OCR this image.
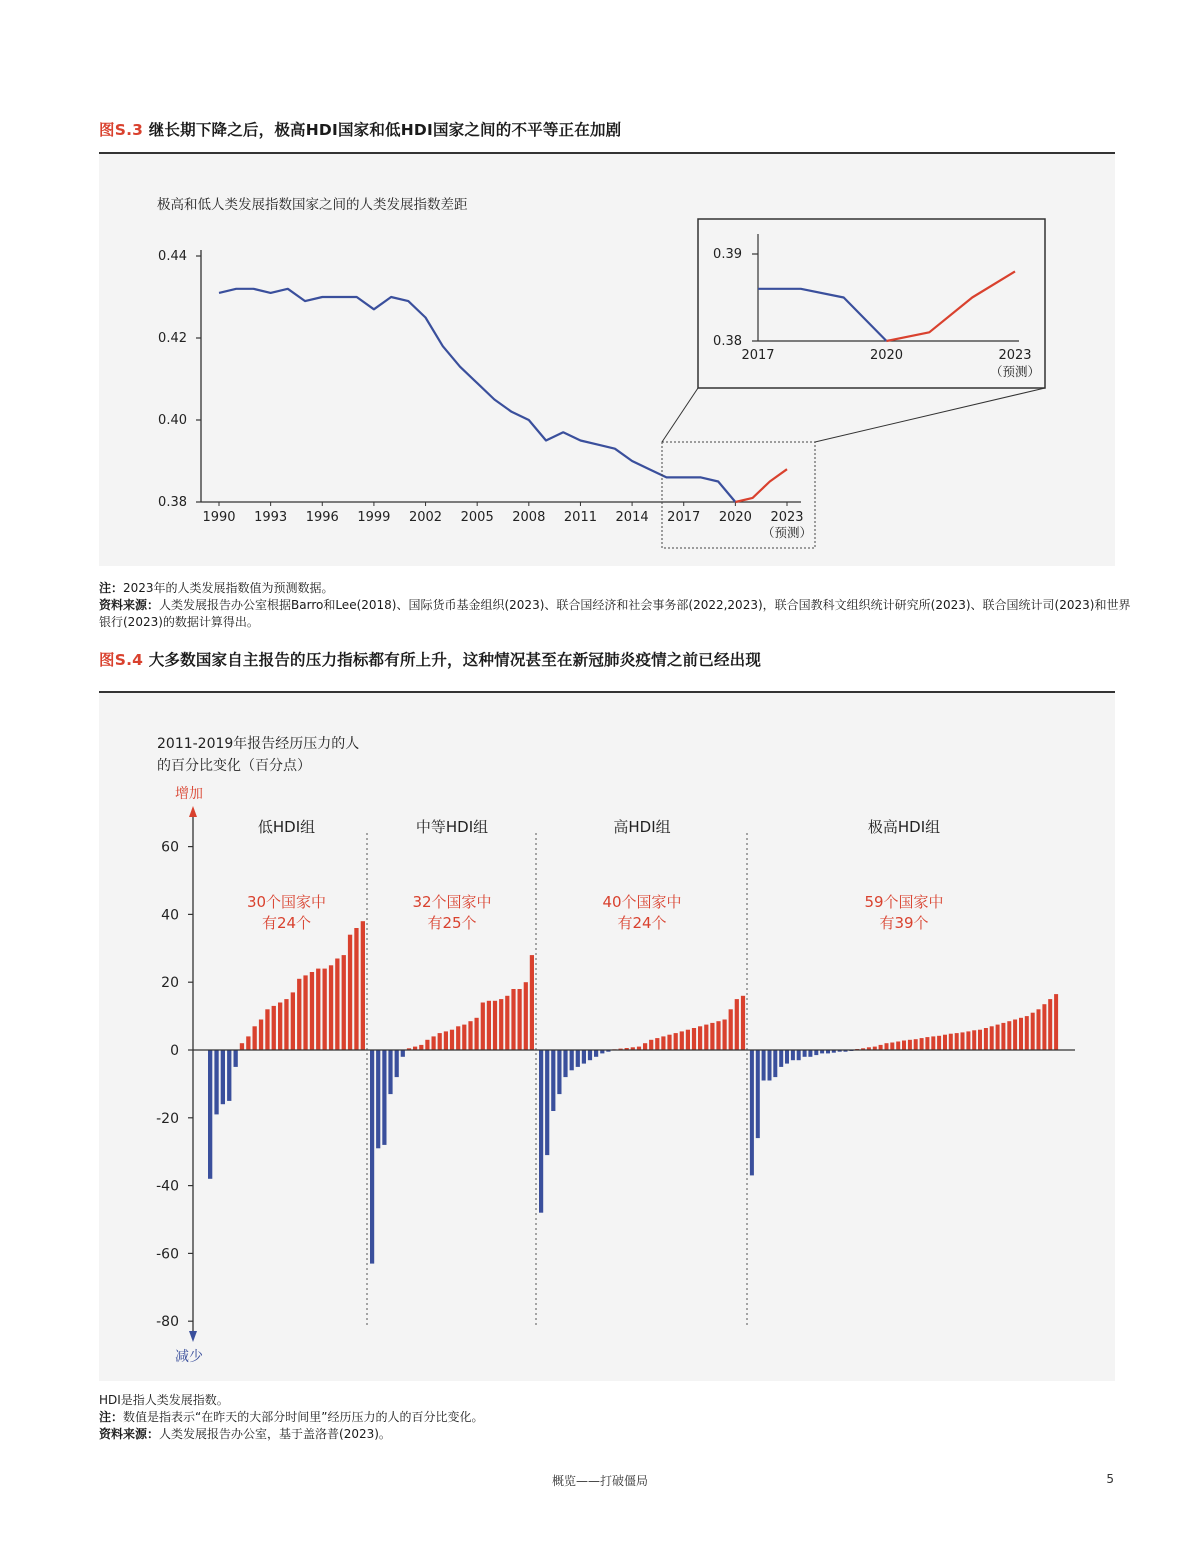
图S.3 继长期下降之后，极高HDI国家和低HDI国家之间的不平等正在加剧
极高和低人类发展指数国家之间的人类发展指数差距
0.38
0.40
0.42
0.44
1990 1993 1996 1999 2002 2005 2008 2011 2014 2017 2020 2023
（预测）
0.38
0.39
2017	2020	2023
（预测）
注：2023年的人类发展指数值为预测数据。
资料来源：人类发展报告办公室根据Barro和Lee(2018)、国际货币基金组织(2023)、联合国经济和社会事务部(2022,2023)，联合国教科文组织统计研究所(2023)、联合国统计司(2023)和世界银行(2023)的数据计算得出。
图S.4 大多数国家自主报告的压力指标都有所上升，这种情况甚至在新冠肺炎疫情之前已经出现
2011-2019年报告经历压力的人
的百分比变化（百分点）
增加
减少
60
40
20
0
-20
-40
-60
-80
低HDI组
30个国家中
有24个
中等HDI组
32个国家中
有25个
高HDI组
40个国家中
有24个
极高HDI组
59个国家中
有39个
HDI是指人类发展指数。
注：数值是指表示“在昨天的大部分时间里”经历压力的人的百分比变化。
资料来源：人类发展报告办公室，基于盖洛普(2023)。
概览——打破僵局	5
